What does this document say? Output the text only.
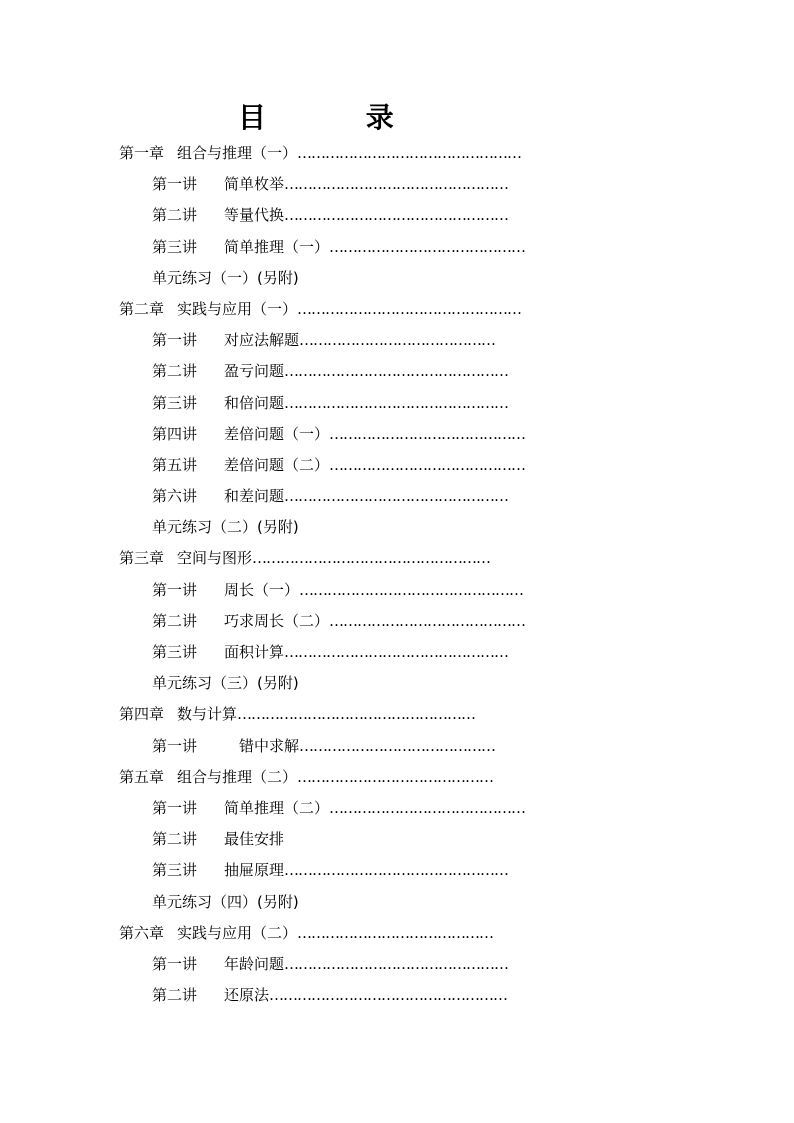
目	录
第一章 组合与推理（一）…………………………………………
第一讲 简单枚举…………………………………………
第二讲 等量代换…………………………………………
第三讲 简单推理（一）……………………………………
单元练习（一）(另附)
第二章 实践与应用（一）…………………………………………
第一讲 对应法解题……………………………………
第二讲 盈亏问题…………………………………………
第三讲 和倍问题…………………………………………
第四讲 差倍问题（一）……………………………………
第五讲 差倍问题（二）……………………………………
第六讲 和差问题…………………………………………
单元练习（二）(另附)
第三章 空间与图形……………………………………………
第一讲 周长（一）…………………………………………
第二讲 巧求周长（二）……………………………………
第三讲 面积计算…………………………………………
单元练习（三）(另附)
第四章 数与计算……………………………………………
第一讲　错中求解……………………………………
第五章 组合与推理（二）……………………………………
第一讲 简单推理（二）……………………………………
第二讲 最佳安排
第三讲 抽屉原理…………………………………………
单元练习（四）(另附)
第六章 实践与应用（二）……………………………………
第一讲 年龄问题…………………………………………
第二讲 还原法……………………………………………
